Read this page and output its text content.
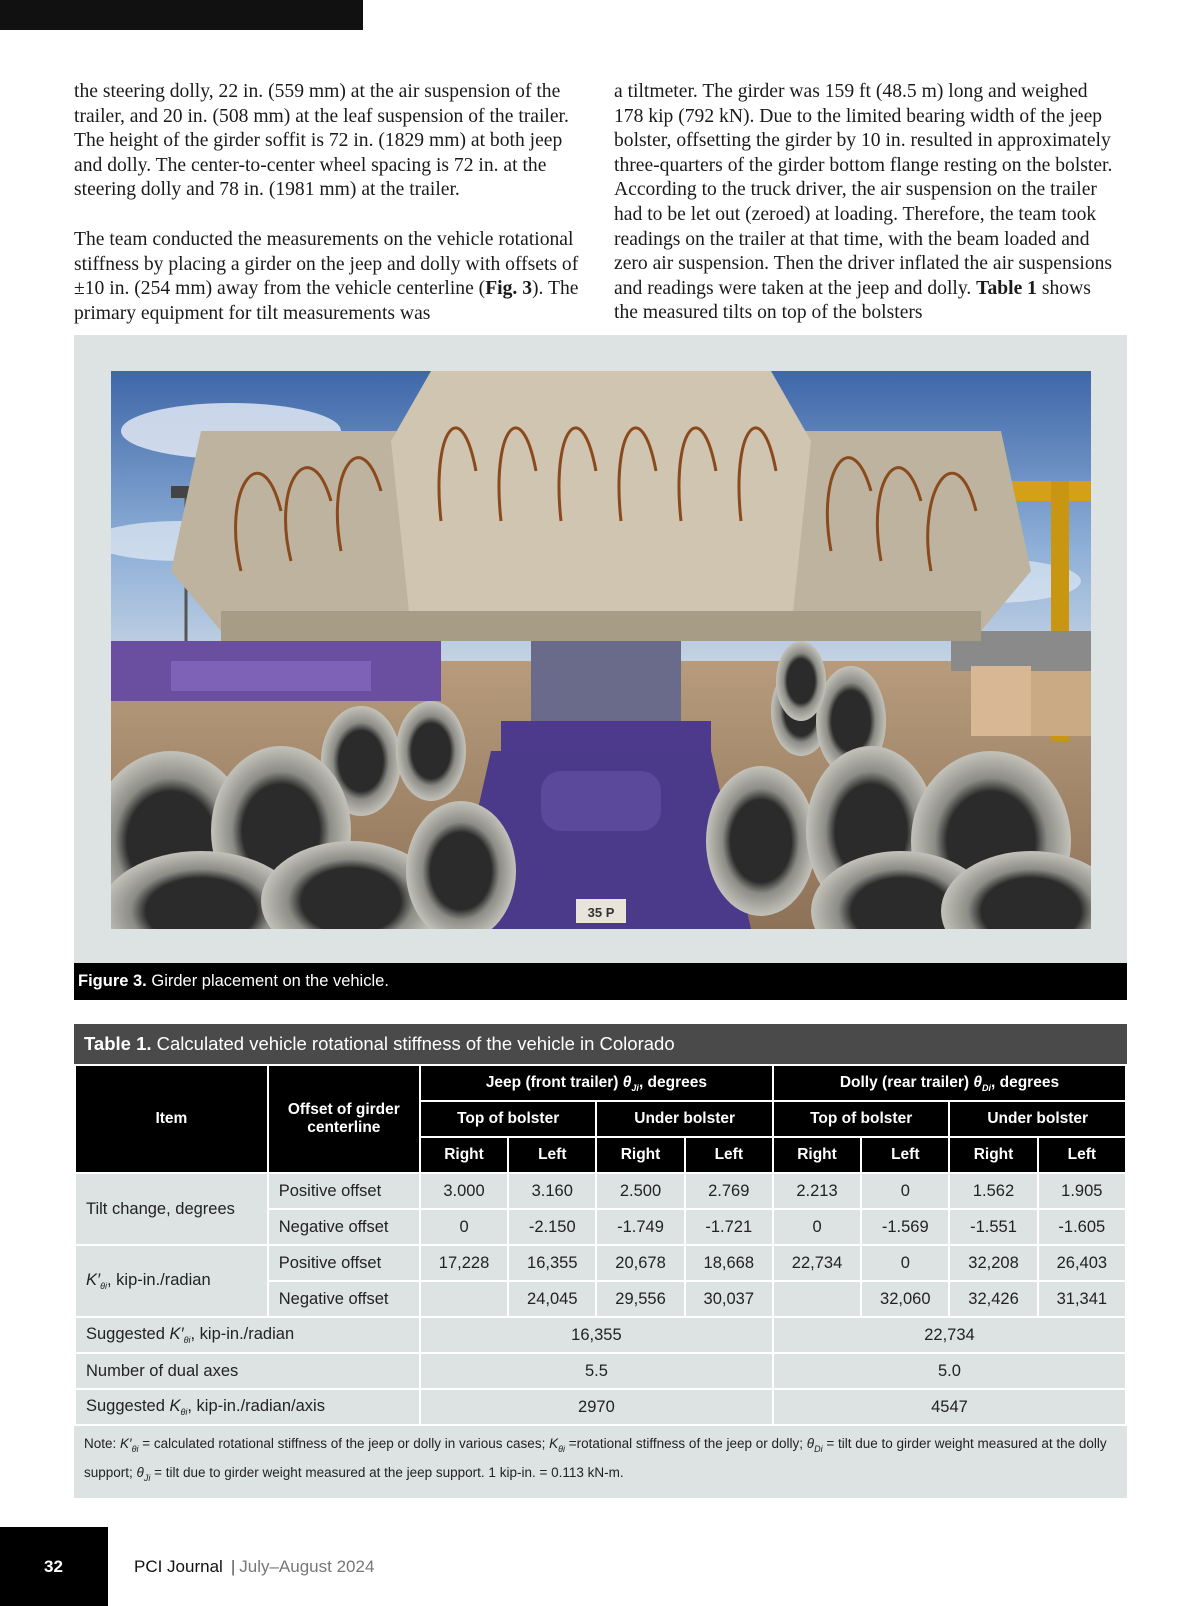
the steering dolly, 22 in. (559 mm) at the air suspension of the trailer, and 20 in. (508 mm) at the leaf suspension of the trailer. The height of the girder soffit is 72 in. (1829 mm) at both jeep and dolly. The center-to-center wheel spacing is 72 in. at the steering dolly and 78 in. (1981 mm) at the trailer.

The team conducted the measurements on the vehicle rotational stiffness by placing a girder on the jeep and dolly with offsets of ±10 in. (254 mm) away from the vehicle centerline (Fig. 3). The primary equipment for tilt measurements was

a tiltmeter. The girder was 159 ft (48.5 m) long and weighed 178 kip (792 kN). Due to the limited bearing width of the jeep bolster, offsetting the girder by 10 in. resulted in approximately three-quarters of the girder bottom flange resting on the bolster. According to the truck driver, the air suspension on the trailer had to be let out (zeroed) at loading. Therefore, the team took readings on the trailer at that time, with the beam loaded and zero air suspension. Then the driver inflated the air suspensions and readings were taken at the jeep and dolly. Table 1 shows the measured tilts on top of the bolsters

35 P
Figure 3. Girder placement on the vehicle.
Table 1. Calculated vehicle rotational stiffness of the vehicle in Colorado
Item	Offset of girder centerline	Jeep (front trailer) $\theta_{Ji}$, degrees				Dolly (rear trailer) $\theta_{Di}$, degrees			
		Top of bolster		Under bolster		Top of bolster		Under bolster	
		Right	Left	Right	Left	Right	Left	Right	Left
Tilt change, degrees	Positive offset	3.000	3.160	2.500	2.769	2.213	0	1.562	1.905
	Negative offset	0	-2.150	-1.749	-1.721	0	-1.569	-1.551	-1.605
$K'_{\theta i}$, kip-in./radian	Positive offset	17,228	16,355	20,678	18,668	22,734	0	32,208	26,403
	Negative offset		24,045	29,556	30,037		32,060	32,426	31,341
Suggested $K'_{\theta i}$, kip-in./radian		16,355				22,734			
Number of dual axes		5.5				5.0			
Suggested $K_{\theta i}$, kip-in./radian/axis		2970				4547			
Note: $K'_{\theta i}$ = calculated rotational stiffness of the jeep or dolly in various cases; $K_{\theta i}$ =rotational stiffness of the jeep or dolly; $\theta_{Di}$ = tilt due to girder weight measured at the dolly support; $\theta_{Ji}$ = tilt due to girder weight measured at the jeep support. 1 kip-in. = 0.113 kN-m.
32	PCI Journal | July–August 2024
